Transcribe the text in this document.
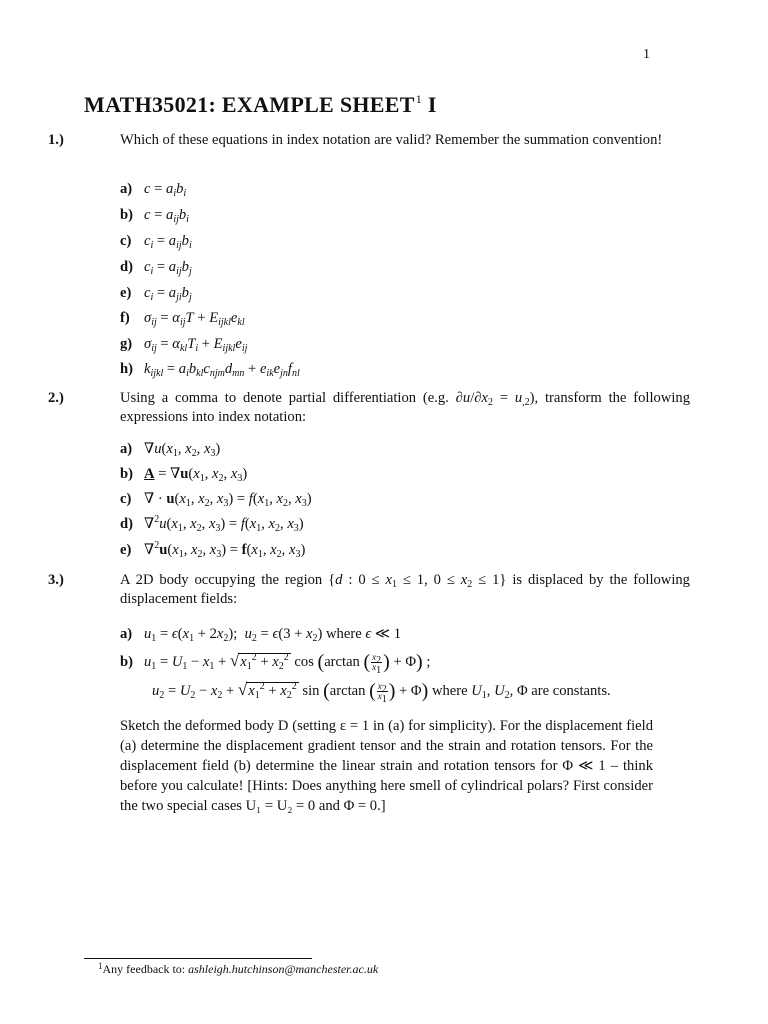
1
MATH35021: EXAMPLE SHEET$^1$ I
1.)	Which of these equations in index notation are valid? Remember the summation convention!
a) $c = a_ib_i$
b) $c = a_{ij}b_i$
c) $c_i = a_{ij}b_i$
d) $c_i = a_{ij}b_j$
e) $c_i = a_{ji}b_j$
f) $\sigma_{ij} = \alpha_{ij}T + E_{ijkl}e_{kl}$
g) $\sigma_{ij} = \alpha_{kl}T_i + E_{ijkl}e_{ij}$
h) $k_{ijkl} = a_ib_{kl}c_{njm}d_{mn} + e_{ik}e_{jn}f_{nl}$
2.)	Using a comma to denote partial differentiation (e.g. $\partial u/\partial x_2 = u_{,2}$), transform the following expressions into index notation:
a) $\nabla u(x_1$, $x_2$, $x_3$)
b) $A = \nabla u(x_1$, $x_2$, $x_3$)
c) ∇ · $u(x_1$, $x_2$, $x_3) = f(x_1$, $x_2$, $x_3$)
d) $\nabla^2u(x_1$, $x_2$, $x_3) = f(x_1$, $x_2$, $x_3$)
e) $\nabla^2u(x_1$, $x_2$, $x_3) = f(x_1$, $x_2$, $x_3$)
3.)	A 2D body occupying the region {d : $0 \le x_1 \le 1$, $0 \le x_2 \le 1$} is displaced by the following displacement fields:
a) $u_1 = \epsilon(x_1 + 2x_2)$;  $u_2 = \epsilon(3 + x_2)$ where ϵ ≪ 1
b) $u_1 = U_1 - x_1 + √x_1^2 + x_2^2$ cos (arctan ( $\frac{x_2}{x_1}$ ) + Φ) ;
$u_2 = U_2 - x_2 + √x_1^2 + x_2^2$ sin (arctan ( $\frac{x_2}{x_1}$ ) + Φ) where $U_1$, $U_2$, Φ are constants.
Sketch the deformed body D (setting ε = 1 in (a) for simplicity). For the displacement field (a) determine the displacement gradient tensor and the strain and rotation tensors. For the displacement field (b) determine the linear strain and rotation tensors for Φ ≪ 1 – think before you calculate! [Hints: Does anything here smell of cylindrical polars? First consider the two special cases U₁ = U₂ = 0 and Φ = 0.]
$^1$Any feedback to: ashleigh.hutchinson@manchester.ac.uk
